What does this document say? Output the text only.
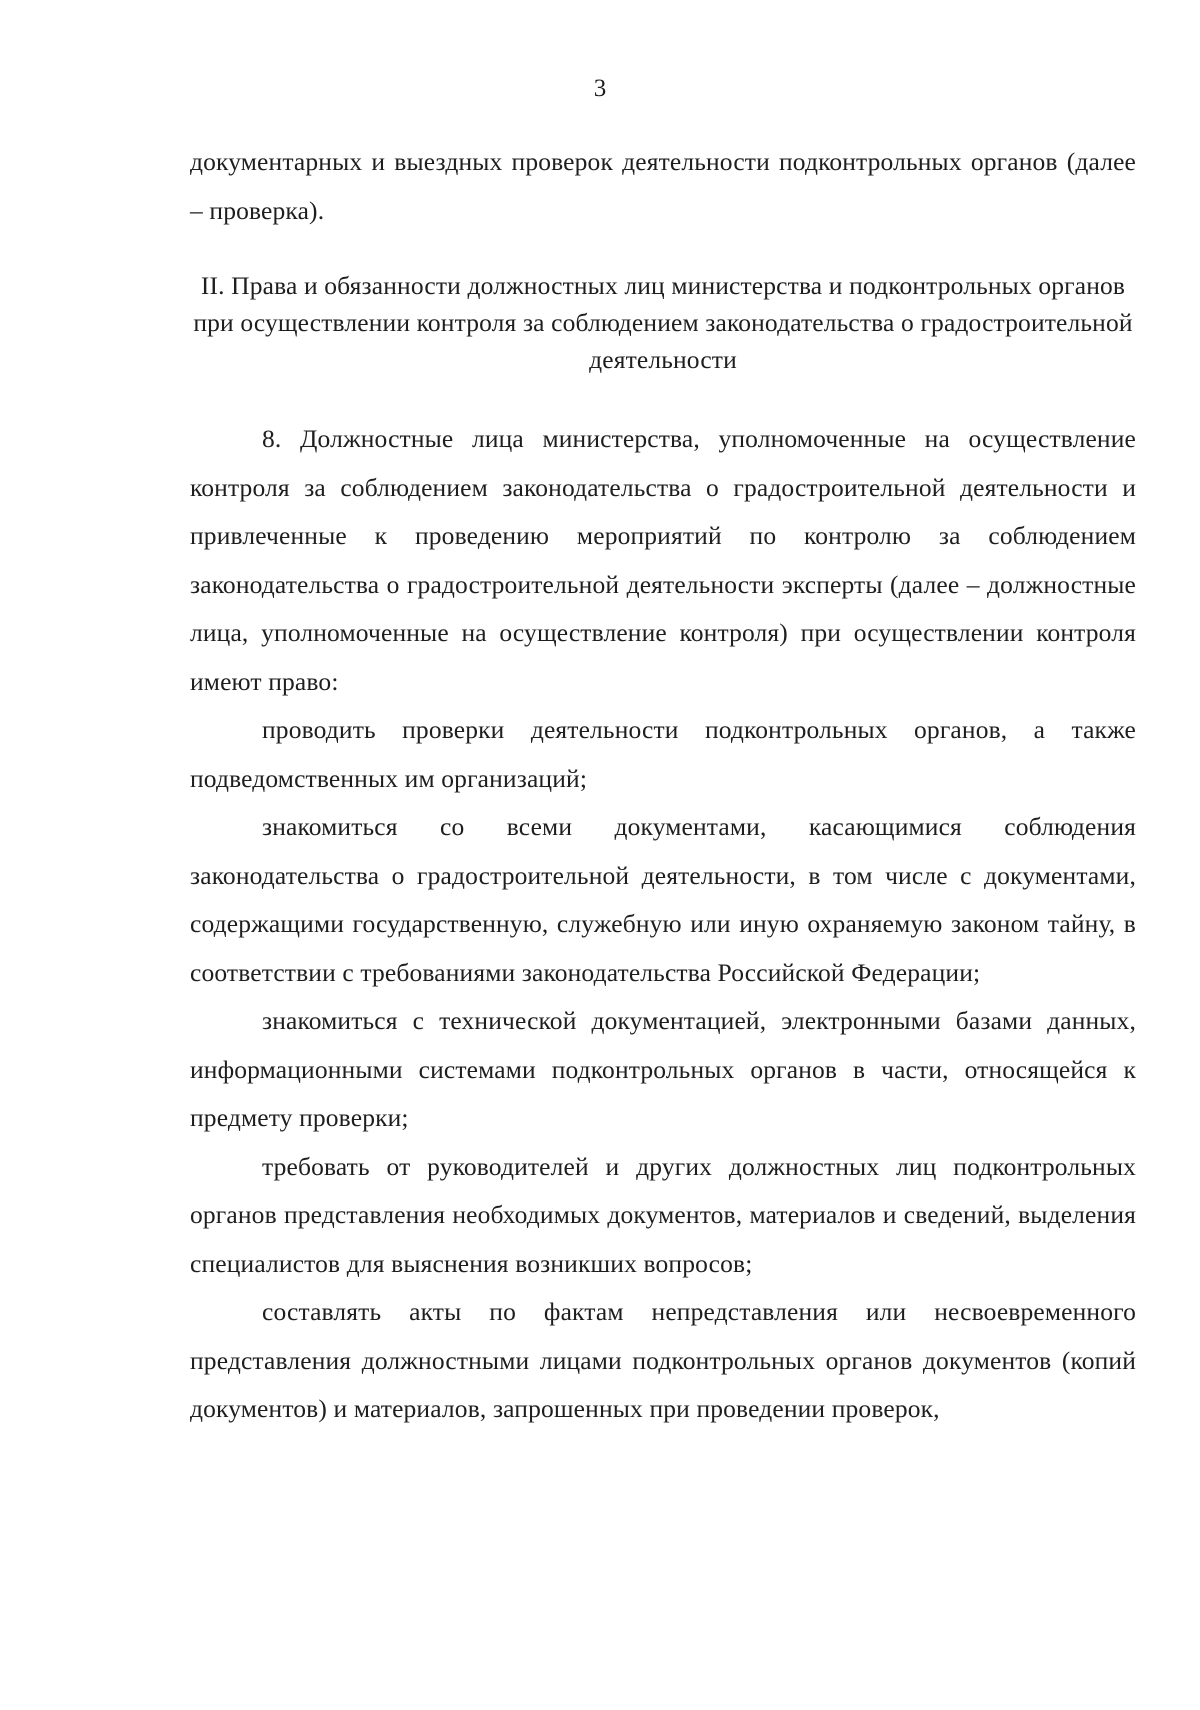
3

документарных и выездных проверок деятельности подконтрольных органов (далее – проверка).

II. Права и обязанности должностных лиц министерства и подконтрольных органов при осуществлении контроля за соблюдением законодательства о градостроительной деятельности

8. Должностные лица министерства, уполномоченные на осуществление контроля за соблюдением законодательства о градостроительной деятельности и привлеченные к проведению мероприятий по контролю за соблюдением законодательства о градостроительной деятельности эксперты (далее – должностные лица, уполномоченные на осуществление контроля) при осуществлении контроля имеют право:

проводить проверки деятельности подконтрольных органов, а также подведомственных им организаций;

знакомиться со всеми документами, касающимися соблюдения законодательства о градостроительной деятельности, в том числе с документами, содержащими государственную, служебную или иную охраняемую законом тайну, в соответствии с требованиями законодательства Российской Федерации;

знакомиться с технической документацией, электронными базами данных, информационными системами подконтрольных органов в части, относящейся к предмету проверки;

требовать от руководителей и других должностных лиц подконтрольных органов представления необходимых документов, материалов и сведений, выделения специалистов для выяснения возникших вопросов;

составлять акты по фактам непредставления или несвоевременного представления должностными лицами подконтрольных органов документов (копий документов) и материалов, запрошенных при проведении проверок,
